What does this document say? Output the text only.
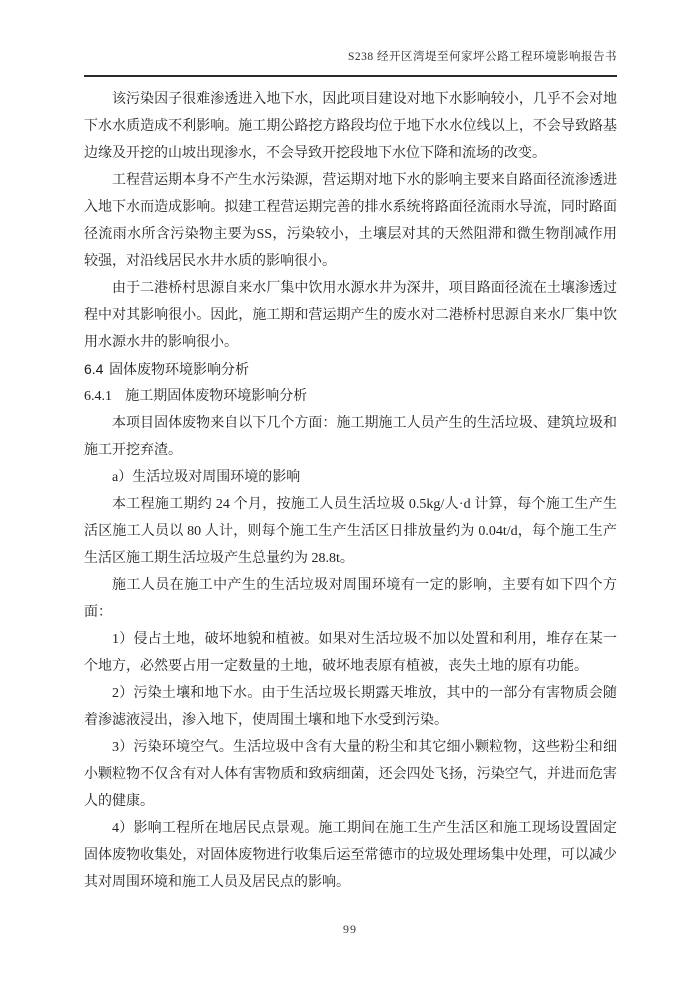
S238 经开区湾堤至何家坪公路工程环境影响报告书

该污染因子很难渗透进入地下水，因此项目建设对地下水影响较小，几乎不会对地下水水质造成不利影响。施工期公路挖方路段均位于地下水水位线以上，不会导致路基边缘及开挖的山坡出现渗水，不会导致开挖段地下水位下降和流场的改变。

工程营运期本身不产生水污染源，营运期对地下水的影响主要来自路面径流渗透进入地下水而造成影响。拟建工程营运期完善的排水系统将路面径流雨水导流，同时路面径流雨水所含污染物主要为SS，污染较小，土壤层对其的天然阻滞和微生物削减作用较强，对沿线居民水井水质的影响很小。

由于二港桥村思源自来水厂集中饮用水源水井为深井，项目路面径流在土壤渗透过程中对其影响很小。因此，施工期和营运期产生的废水对二港桥村思源自来水厂集中饮用水源水井的影响很小。

6.4 固体废物环境影响分析
6.4.1 施工期固体废物环境影响分析

本项目固体废物来自以下几个方面：施工期施工人员产生的生活垃圾、建筑垃圾和施工开挖弃渣。

a）生活垃圾对周围环境的影响

本工程施工期约 24 个月，按施工人员生活垃圾 0.5kg/人·d 计算，每个施工生产生活区施工人员以 80 人计，则每个施工生产生活区日排放量约为 0.04t/d，每个施工生产生活区施工期生活垃圾产生总量约为 28.8t。

施工人员在施工中产生的生活垃圾对周围环境有一定的影响，主要有如下四个方面：

1）侵占土地，破坏地貌和植被。如果对生活垃圾不加以处置和利用，堆存在某一个地方，必然要占用一定数量的土地，破坏地表原有植被，丧失土地的原有功能。

2）污染土壤和地下水。由于生活垃圾长期露天堆放，其中的一部分有害物质会随着渗滤液浸出，渗入地下，使周围土壤和地下水受到污染。

3）污染环境空气。生活垃圾中含有大量的粉尘和其它细小颗粒物，这些粉尘和细小颗粒物不仅含有对人体有害物质和致病细菌，还会四处飞扬，污染空气，并进而危害人的健康。

4）影响工程所在地居民点景观。施工期间在施工生产生活区和施工现场设置固定固体废物收集处，对固体废物进行收集后运至常德市的垃圾处理场集中处理，可以减少其对周围环境和施工人员及居民点的影响。

99
